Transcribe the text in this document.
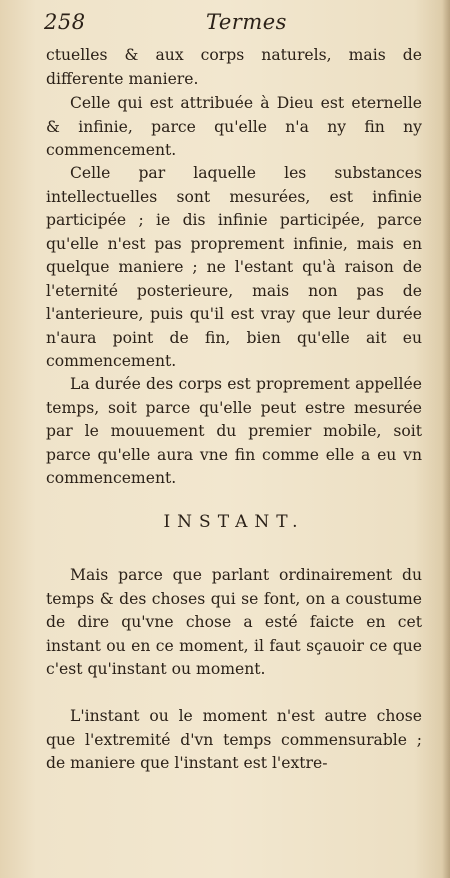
258	Termes

ctuelles & aux corps naturels, mais de differente maniere.

Celle qui est attribuée à Dieu est eternelle & infinie, parce qu'elle n'a ny fin ny commencement.

Celle par laquelle les substances intellectuelles sont mesurées, est infinie participée ; ie dis infinie participée, parce qu'elle n'est pas proprement infinie, mais en quelque maniere ; ne l'estant qu'à raison de l'eternité posterieure, mais non pas de l'anterieure, puis qu'il est vray que leur durée n'aura point de fin, bien qu'elle ait eu commencement.

La durée des corps est proprement appellée temps, soit parce qu'elle peut estre mesurée par le mouuement du premier mobile, soit parce qu'elle aura vne fin comme elle a eu vn commencement.

INSTANT.

Mais parce que parlant ordinairement du temps & des choses qui se font, on a coustume de dire qu'vne chose a esté faicte en cet instant ou en ce moment, il faut sçauoir ce que c'est qu'instant ou moment.

L'instant ou le moment n'est autre chose que l'extremité d'vn temps commensurable ; de maniere que l'instant est l'extre-
